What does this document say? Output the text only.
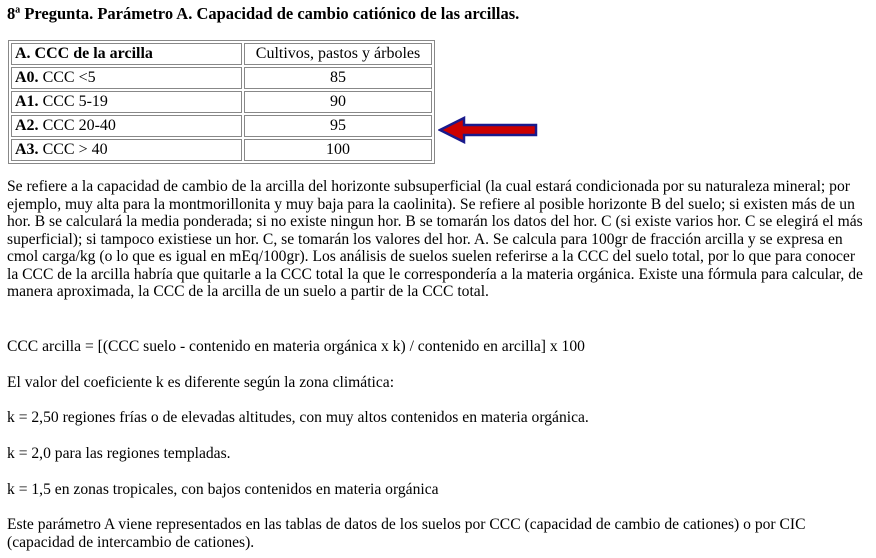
8ª Pregunta. Parámetro A. Capacidad de cambio catiónico de las arcillas.
A. CCC de la arcilla	Cultivos, pastos y árboles
A0. CCC <5	85
A1. CCC 5-19	90
A2. CCC 20-40	95
A3. CCC > 40	100

Se refiere a la capacidad de cambio de la arcilla del horizonte subsuperficial (la cual estará condicionada por su naturaleza mineral; por ejemplo, muy alta para la montmorillonita y muy baja para la caolinita). Se refiere al posible horizonte B del suelo; si existen más de un hor. B se calculará la media ponderada; si no existe ningun hor. B se tomarán los datos del hor. C (si existe varios hor. C se elegirá el más superficial); si tampoco existiese un hor. C, se tomarán los valores del hor. A. Se calcula para 100gr de fracción arcilla y se expresa en cmol carga/kg (o lo que es igual en mEq/100gr). Los análisis de suelos suelen referirse a la CCC del suelo total, por lo que para conocer la CCC de la arcilla habría que quitarle a la CCC total la que le correspondería a la materia orgánica. Existe una fórmula para calcular, de manera aproximada, la CCC de la arcilla de un suelo a partir de la CCC total.

CCC arcilla = [(CCC suelo - contenido en materia orgánica x k) / contenido en arcilla] x 100

El valor del coeficiente k es diferente según la zona climática:

k = 2,50 regiones frías o de elevadas altitudes, con muy altos contenidos en materia orgánica.

k = 2,0 para las regiones templadas.

k = 1,5 en zonas tropicales, con bajos contenidos en materia orgánica

Este parámetro A viene representados en las tablas de datos de los suelos por CCC (capacidad de cambio de cationes) o por CIC (capacidad de intercambio de cationes).
